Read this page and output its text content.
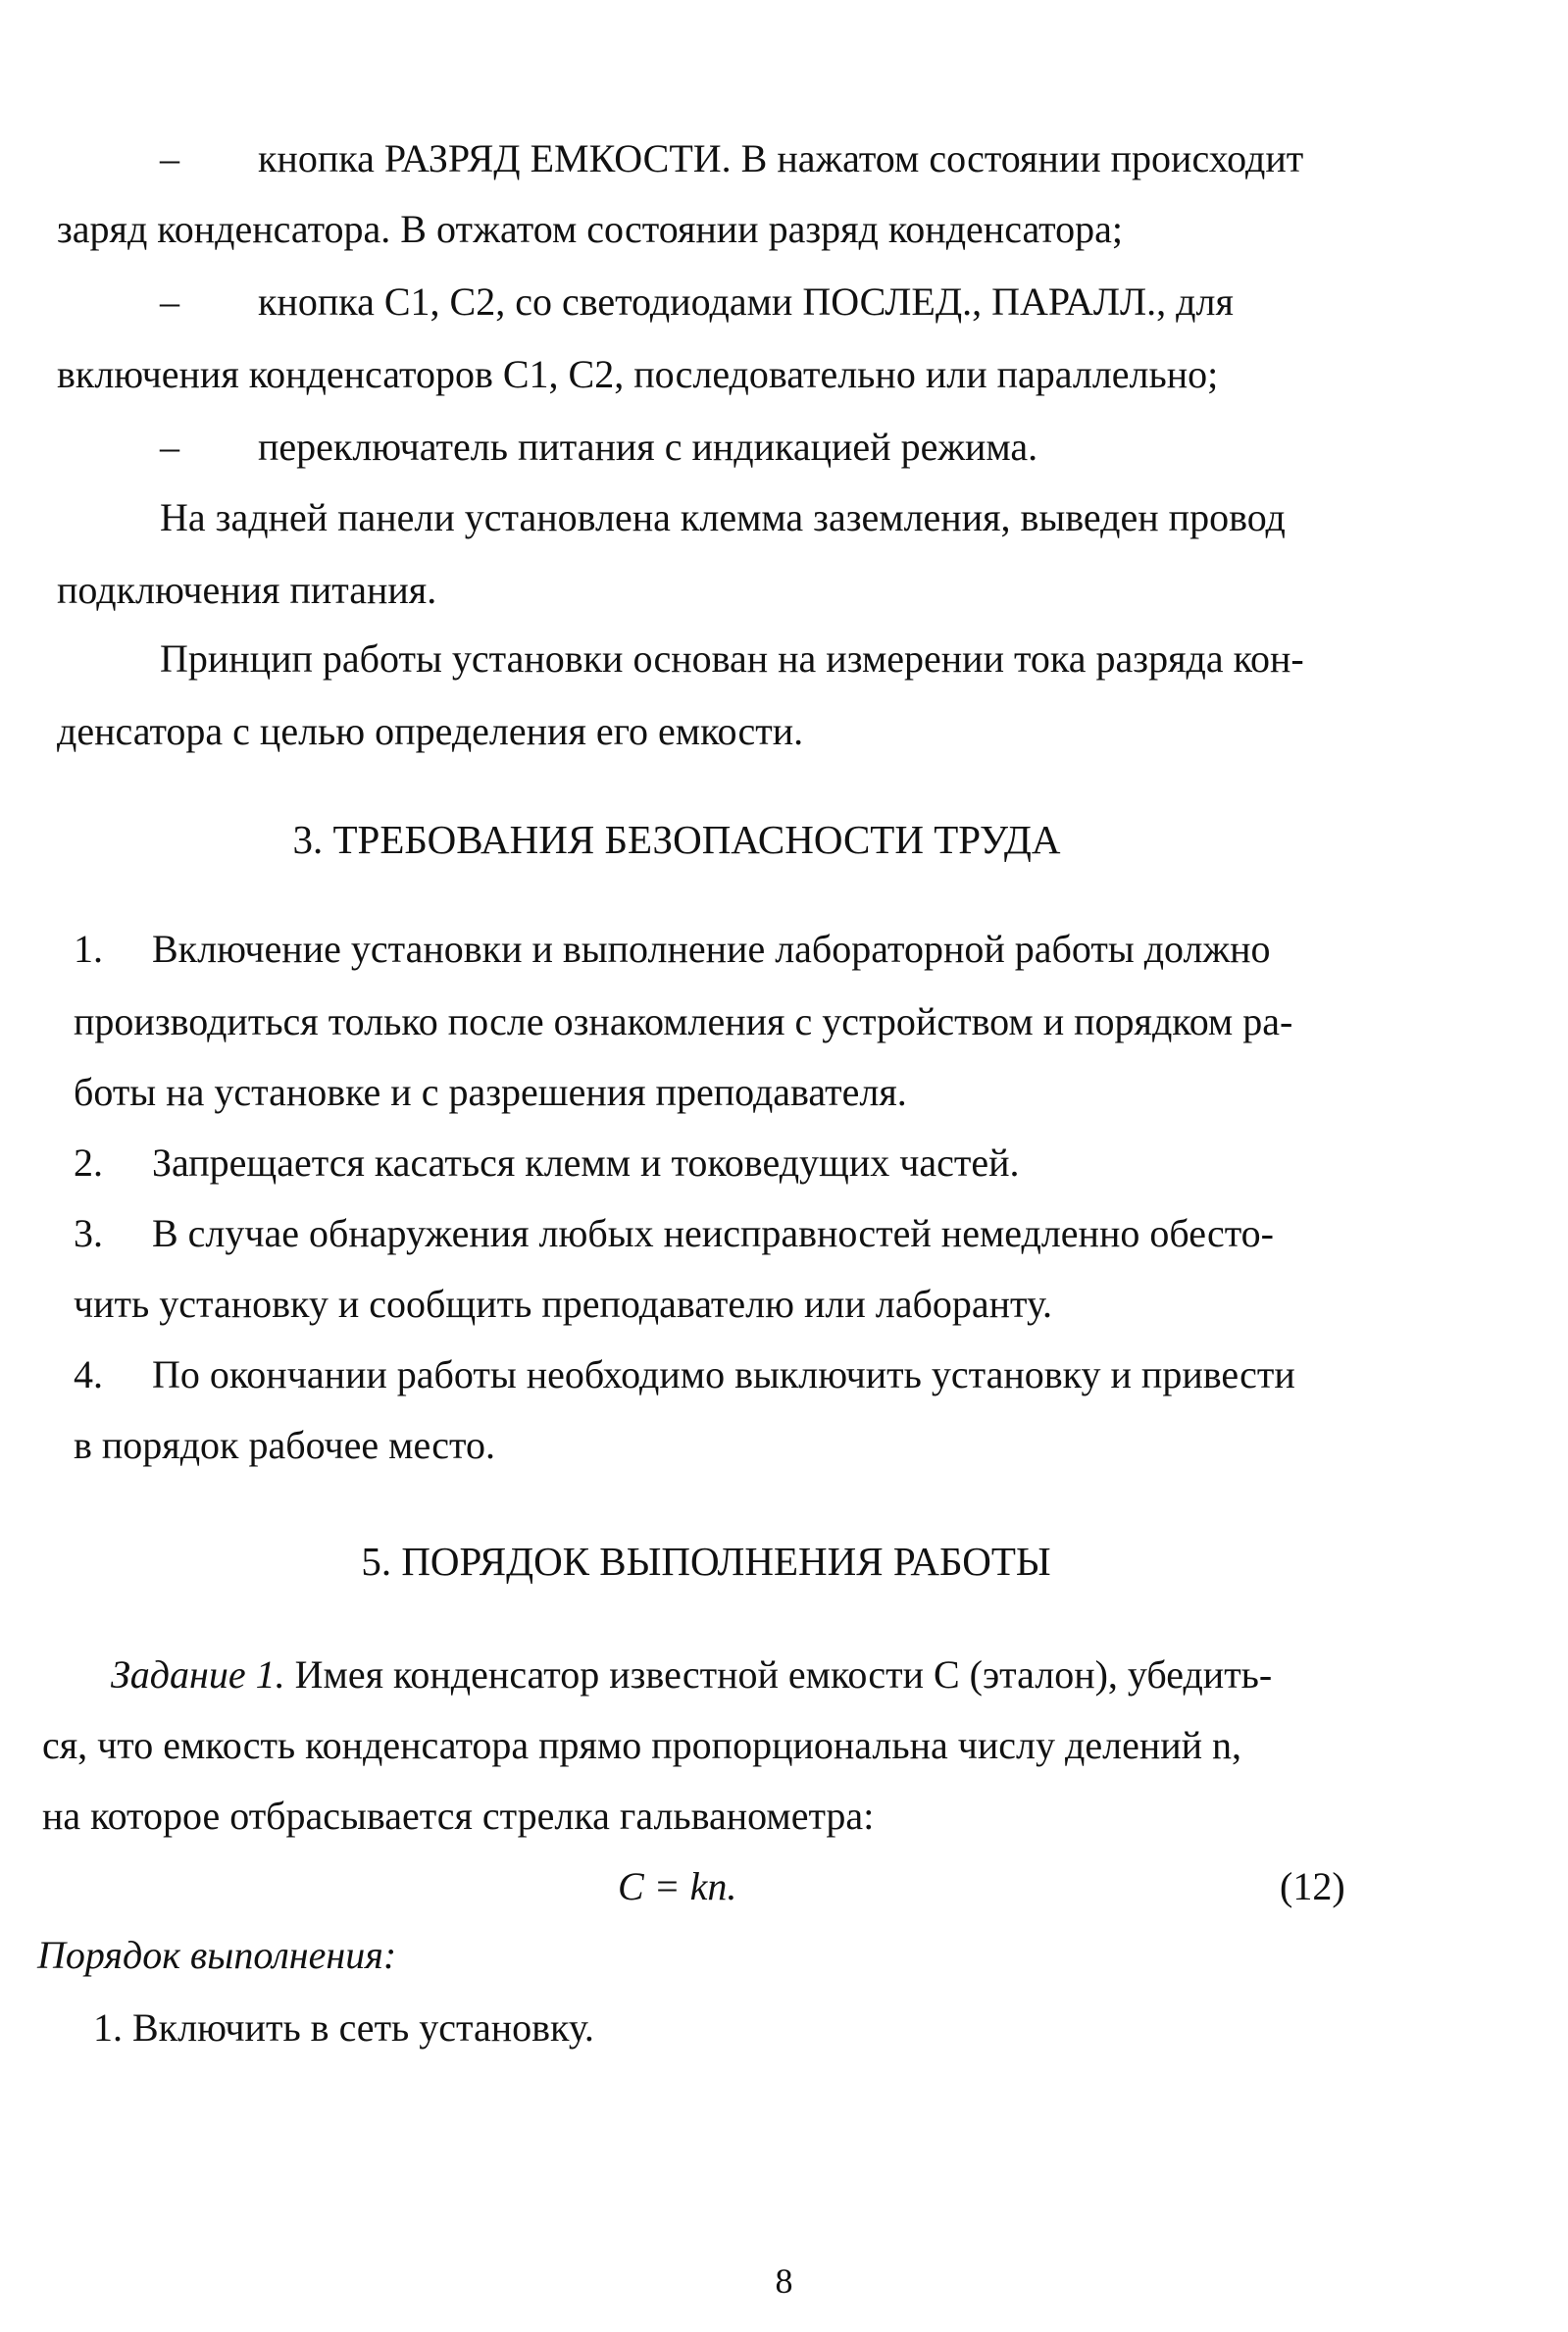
– кнопка РАЗРЯД ЕМКОСТИ. В нажатом состоянии происходит
заряд конденсатора. В отжатом состоянии разряд конденсатора;
– кнопка C1, C2, со светодиодами ПОСЛЕД., ПАРАЛЛ., для
включения конденсаторов C1, C2, последовательно или параллельно;
– переключатель питания с индикацией режима.
На задней панели установлена клемма заземления, выведен провод
подключения питания.
Принцип работы установки основан на измерении тока разряда кон-
денсатора с целью определения его емкости.
3. ТРЕБОВАНИЯ БЕЗОПАСНОСТИ ТРУДА
1. Включение установки и выполнение лабораторной работы должно
производиться только после ознакомления с устройством и порядком ра-
боты на установке и с разрешения преподавателя.
2. Запрещается касаться клемм и токоведущих частей.
3. В случае обнаружения любых неисправностей немедленно обесто-
чить установку и сообщить преподавателю или лаборанту.
4. По окончании работы необходимо выключить установку и привести
в порядок рабочее место.
5. ПОРЯДОК ВЫПОЛНЕНИЯ РАБОТЫ
Задание 1. Имея конденсатор известной емкости C (эталон), убедить-
ся, что емкость конденсатора прямо пропорциональна числу делений n,
на которое отбрасывается стрелка гальванометра:
C = kn.	(12)
Порядок выполнения:
1. Включить в сеть установку.
8
